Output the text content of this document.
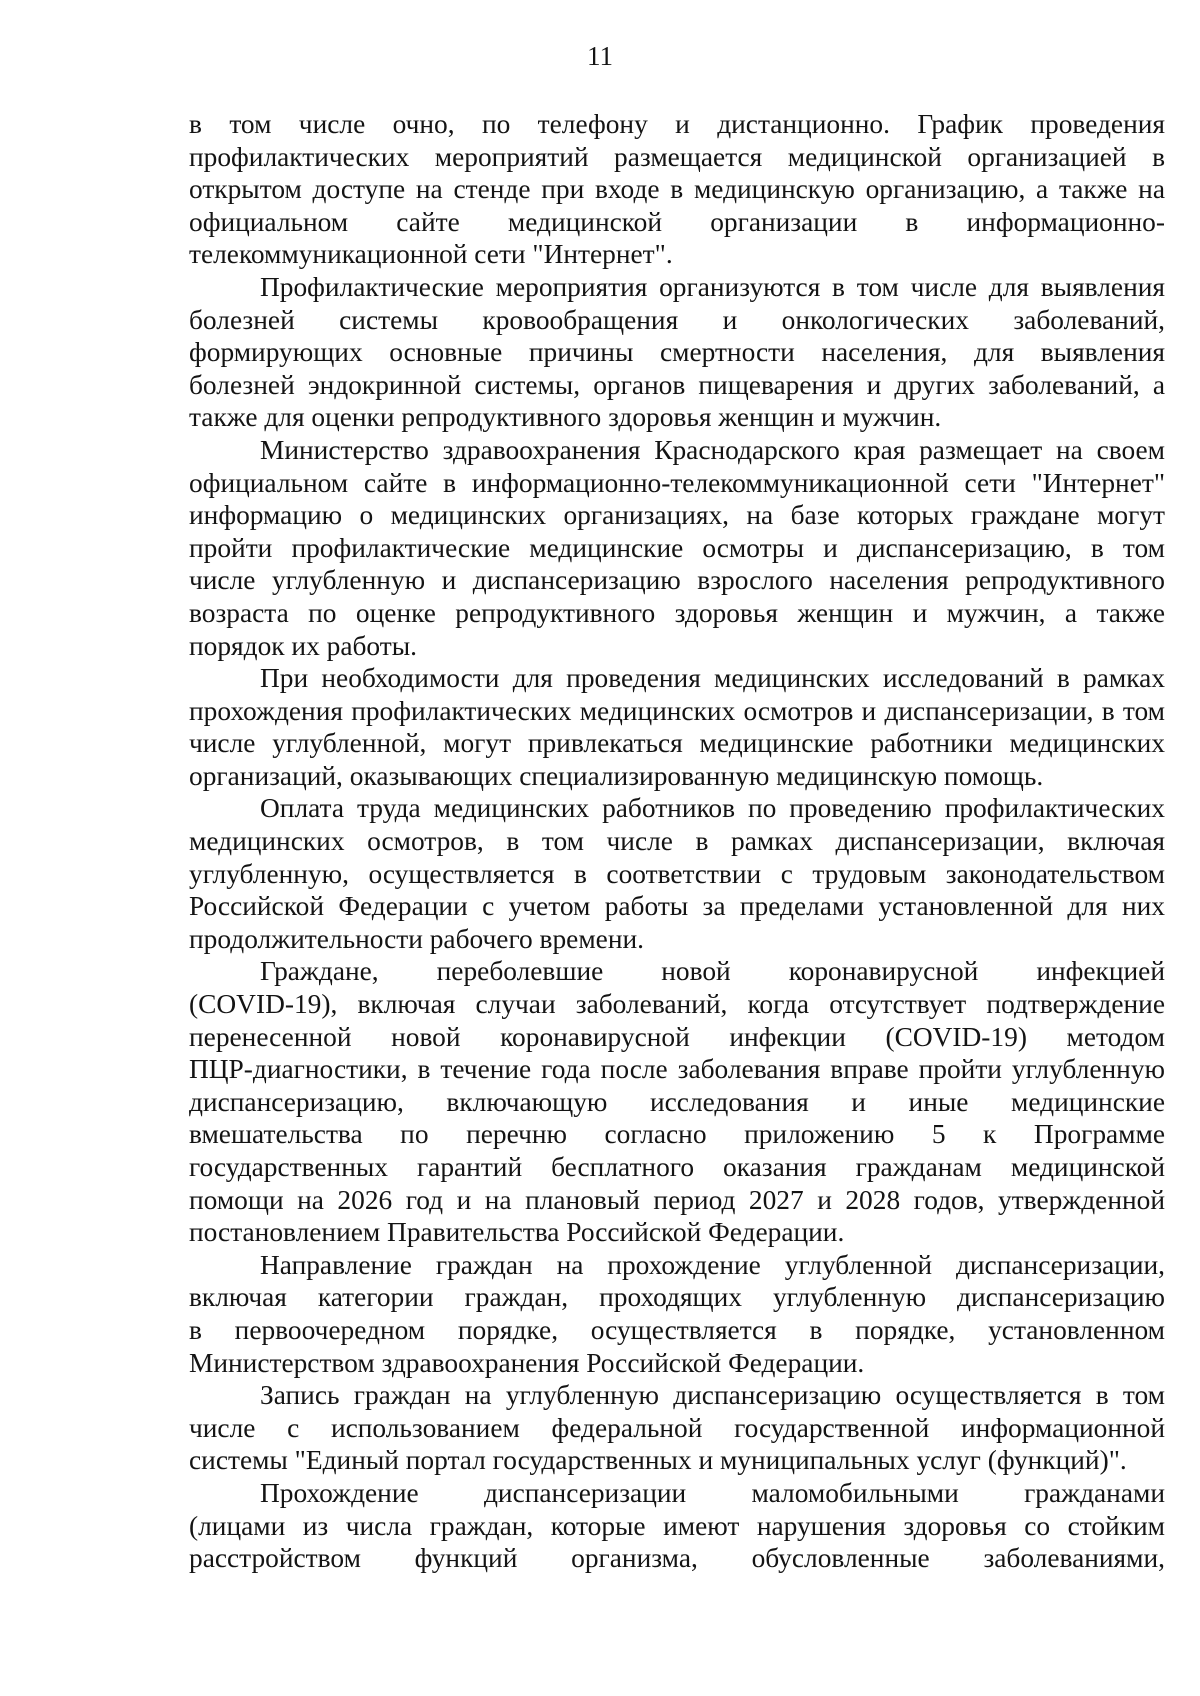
11

в том числе очно, по телефону и дистанционно. График проведения
профилактических мероприятий размещается медицинской организацией в
открытом доступе на стенде при входе в медицинскую организацию, а также на
официальном сайте медицинской организации в информационно-
телекоммуникационной сети "Интернет".

Профилактические мероприятия организуются в том числе для выявления
болезней системы кровообращения и онкологических заболеваний,
формирующих основные причины смертности населения, для выявления
болезней эндокринной системы, органов пищеварения и других заболеваний, а
также для оценки репродуктивного здоровья женщин и мужчин.

Министерство здравоохранения Краснодарского края размещает на своем
официальном сайте в информационно-телекоммуникационной сети "Интернет"
информацию о медицинских организациях, на базе которых граждане могут
пройти профилактические медицинские осмотры и диспансеризацию, в том
числе углубленную и диспансеризацию взрослого населения репродуктивного
возраста по оценке репродуктивного здоровья женщин и мужчин, а также
порядок их работы.

При необходимости для проведения медицинских исследований в рамках
прохождения профилактических медицинских осмотров и диспансеризации, в том
числе углубленной, могут привлекаться медицинские работники медицинских
организаций, оказывающих специализированную медицинскую помощь.

Оплата труда медицинских работников по проведению профилактических
медицинских осмотров, в том числе в рамках диспансеризации, включая
углубленную, осуществляется в соответствии с трудовым законодательством
Российской Федерации с учетом работы за пределами установленной для них
продолжительности рабочего времени.

Граждане, переболевшие новой коронавирусной инфекцией
(COVID-19), включая случаи заболеваний, когда отсутствует подтверждение
перенесенной новой коронавирусной инфекции (COVID-19) методом
ПЦР-диагностики, в течение года после заболевания вправе пройти углубленную
диспансеризацию, включающую исследования и иные медицинские
вмешательства по перечню согласно приложению 5 к Программе
государственных гарантий бесплатного оказания гражданам медицинской
помощи на 2026 год и на плановый период 2027 и 2028 годов, утвержденной
постановлением Правительства Российской Федерации.

Направление граждан на прохождение углубленной диспансеризации,
включая категории граждан, проходящих углубленную диспансеризацию
в первоочередном порядке, осуществляется в порядке, установленном
Министерством здравоохранения Российской Федерации.

Запись граждан на углубленную диспансеризацию осуществляется в том
числе с использованием федеральной государственной информационной
системы "Единый портал государственных и муниципальных услуг (функций)".

Прохождение диспансеризации маломобильными гражданами
(лицами из числа граждан, которые имеют нарушения здоровья со стойким
расстройством функций организма, обусловленные заболеваниями,
